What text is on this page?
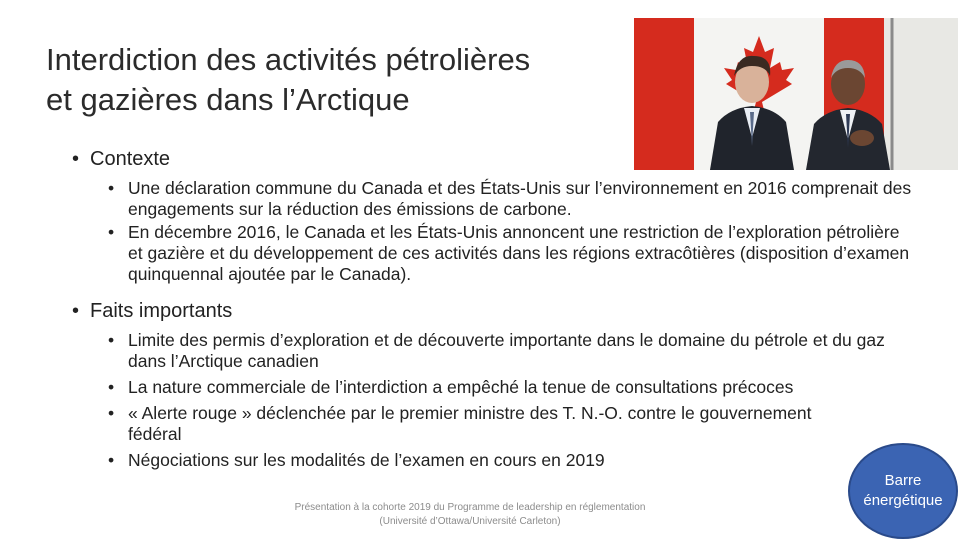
Interdiction des activités pétrolières
et gazières dans l’Arctique
• Contexte
• Une déclaration commune du Canada et des États-Unis sur l’environnement en 2016 comprenait des engagements sur la réduction des émissions de carbone.
• En décembre 2016, le Canada et les États-Unis annoncent une restriction de l’exploration pétrolière et gazière et du développement de ces activités dans les régions extracôtières (disposition d’examen quinquennal ajoutée par le Canada).
• Faits importants
• Limite des permis d’exploration et de découverte importante dans le domaine du pétrole et du gaz dans l’Arctique canadien
• La nature commerciale de l’interdiction a empêché la tenue de consultations précoces
• « Alerte rouge » déclenchée par le premier ministre des T. N.-O. contre le gouvernement fédéral
• Négociations sur les modalités de l’examen en cours en 2019
Présentation à la cohorte 2019 du Programme de leadership en réglementation
(Université d’Ottawa/Université Carleton)
Barre
énergétique
